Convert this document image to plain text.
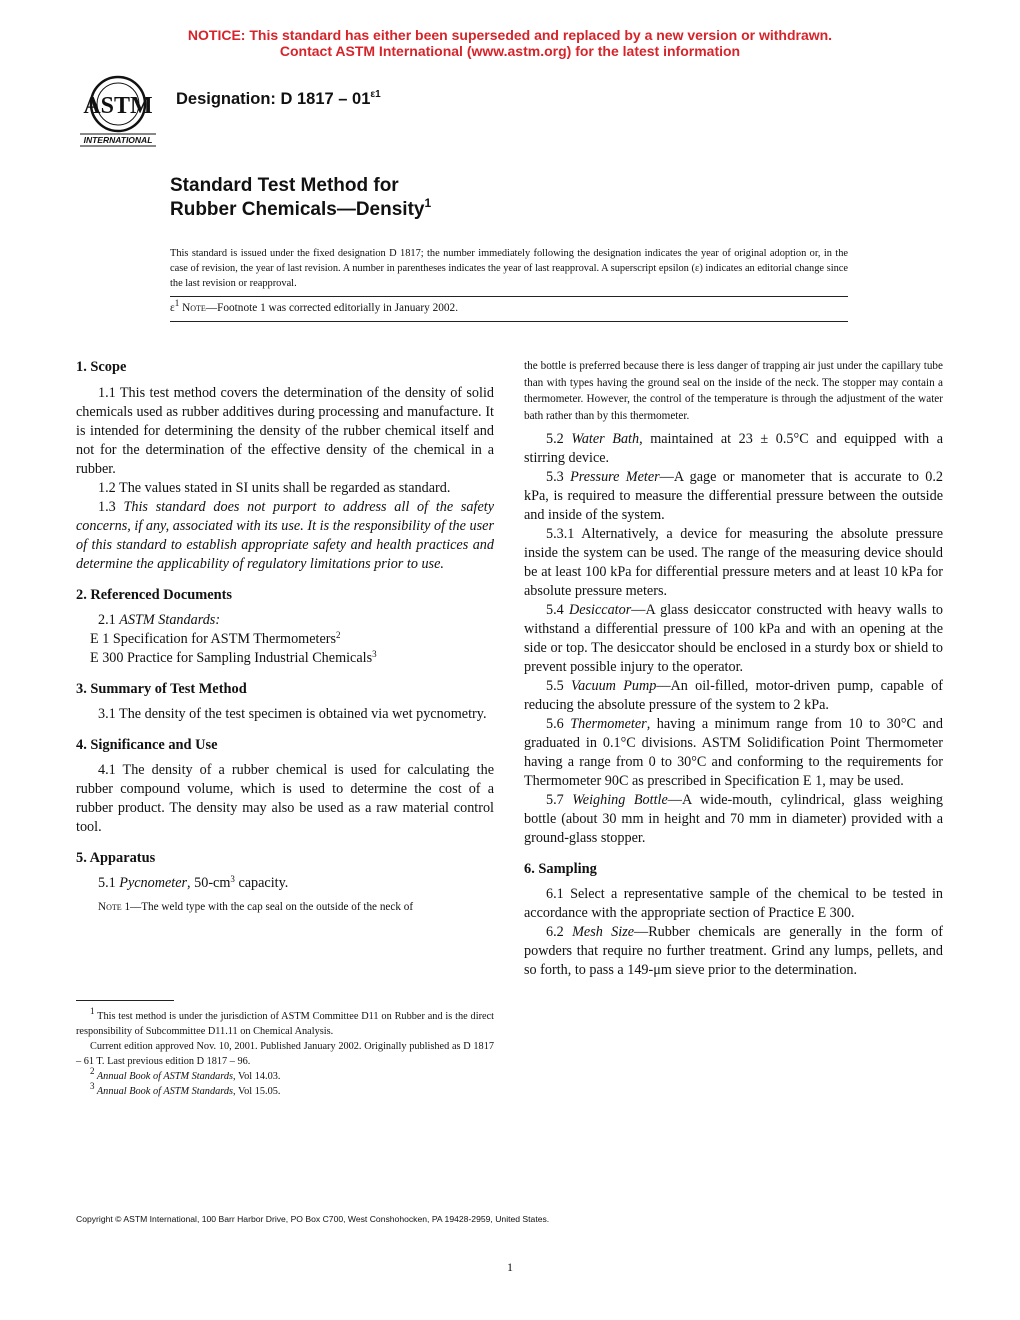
NOTICE: This standard has either been superseded and replaced by a new version or withdrawn.
Contact ASTM International (www.astm.org) for the latest information
ASTM
INTERNATIONAL
Designation: D $1817 - 01^{\varepsilon 1}$
Standard Test Method for
Rubber Chemicals—Density$^1$
This standard is issued under the fixed designation D 1817; the number immediately following the designation indicates the year of original adoption or, in the case of revision, the year of last revision. A number in parentheses indicates the year of last reapproval. A superscript epsilon (ε) indicates an editorial change since the last revision or reapproval.
$\varepsilon^1$ Note—Footnote 1 was corrected editorially in January 2002.
1. Scope

1.1 This test method covers the determination of the density of solid chemicals used as rubber additives during processing and manufacture. It is intended for determining the density of the rubber chemical itself and not for the determination of the effective density of the chemical in a rubber.

1.2 The values stated in SI units shall be regarded as standard.

1.3 This standard does not purport to address all of the safety concerns, if any, associated with its use. It is the responsibility of the user of this standard to establish appropriate safety and health practices and determine the applicability of regulatory limitations prior to use.

2. Referenced Documents

2.1 ASTM Standards:

E 1 Specification for ASTM Thermometers$^2$

E 300 Practice for Sampling Industrial Chemicals$^3$

3. Summary of Test Method

3.1 The density of the test specimen is obtained via wet pycnometry.

4. Significance and Use

4.1 The density of a rubber chemical is used for calculating the rubber compound volume, which is used to determine the cost of a rubber product. The density may also be used as a raw material control tool.

5. Apparatus

5.1 Pycnometer, $50-cm^3$ capacity.

Note 1—The weld type with the cap seal on the outside of the neck of

$^1$ This test method is under the jurisdiction of ASTM Committee D11 on Rubber and is the direct responsibility of Subcommittee D11.11 on Chemical Analysis.

Current edition approved Nov. 10, 2001. Published January 2002. Originally published as D 1817 – 61 T. Last previous edition D 1817 – 96.

$^2$ Annual Book of ASTM Standards, Vol 14.03.

$^3$ Annual Book of ASTM Standards, Vol 15.05.

the bottle is preferred because there is less danger of trapping air just under the capillary tube than with types having the ground seal on the inside of the neck. The stopper may contain a thermometer. However, the control of the temperature is through the adjustment of the water bath rather than by this thermometer.

5.2 Water Bath, maintained at 23 ± 0.5°C and equipped with a stirring device.

5.3 Pressure Meter—A gage or manometer that is accurate to 0.2 kPa, is required to measure the differential pressure between the outside and inside of the system.

5.3.1 Alternatively, a device for measuring the absolute pressure inside the system can be used. The range of the measuring device should be at least 100 kPa for differential pressure meters and at least 10 kPa for absolute pressure meters.

5.4 Desiccator—A glass desiccator constructed with heavy walls to withstand a differential pressure of 100 kPa and with an opening at the side or top. The desiccator should be enclosed in a sturdy box or shield to prevent possible injury to the operator.

5.5 Vacuum Pump—An oil-filled, motor-driven pump, capable of reducing the absolute pressure of the system to 2 kPa.

5.6 Thermometer, having a minimum range from 10 to 30°C and graduated in 0.1°C divisions. ASTM Solidification Point Thermometer having a range from 0 to 30°C and conforming to the requirements for Thermometer 90C as prescribed in Specification E 1, may be used.

5.7 Weighing Bottle—A wide-mouth, cylindrical, glass weighing bottle (about 30 mm in height and 70 mm in diameter) provided with a ground-glass stopper.

6. Sampling

6.1 Select a representative sample of the chemical to be tested in accordance with the appropriate section of Practice E 300.

6.2 Mesh Size—Rubber chemicals are generally in the form of powders that require no further treatment. Grind any lumps, pellets, and so forth, to pass a 149-μm sieve prior to the determination.

Copyright © ASTM International, 100 Barr Harbor Drive, PO Box C700, West Conshohocken, PA 19428-2959, United States.
1
